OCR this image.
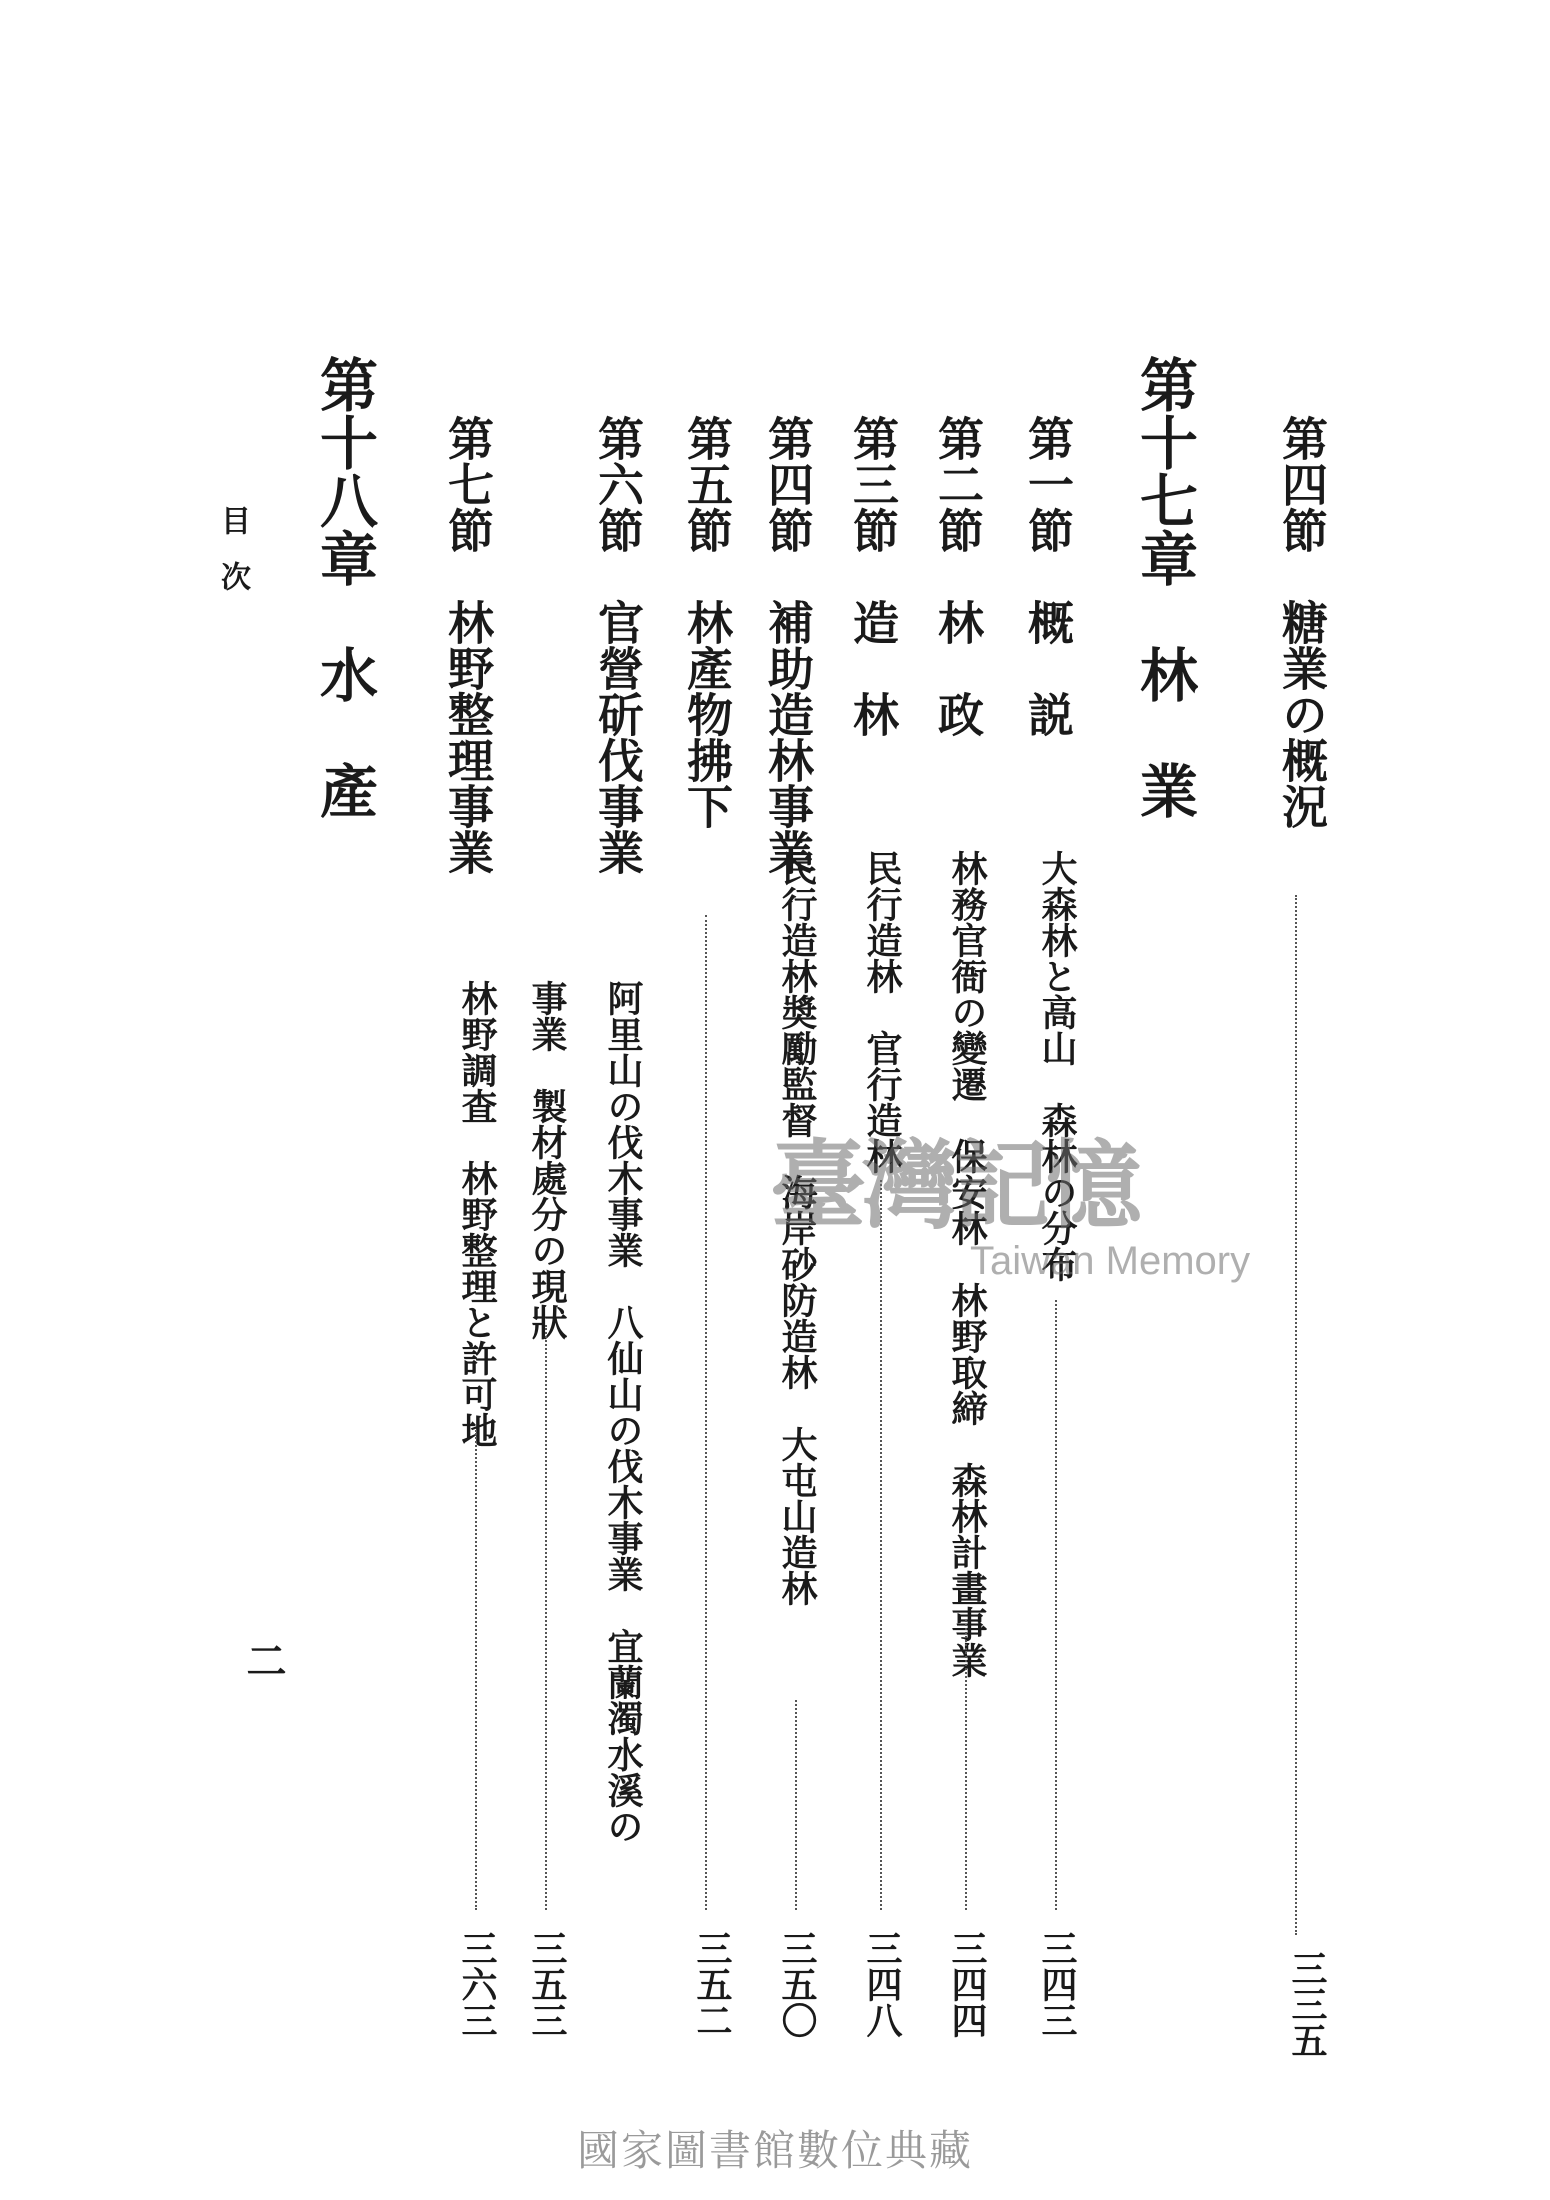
第四節　糖業の概況
三三五
第十七章　林　業
第一節　概　説
大森林と高山　森林の分布
三四三
第二節　林　政
林務官衙の變遷　保安林　林野取締　森林計畫事業
三四四
第三節　造　林
民行造林　官行造林
三四八
第四節　補助造林事業
民行造林奬勵監督　海岸砂防造林　大屯山造林
三五〇
第五節　林產物拂下
三五二
第六節　官營斫伐事業
阿里山の伐木事業　八仙山の伐木事業　宜蘭濁水溪の
事業　製材處分の現狀
三五三
第七節　林野整理事業
林野調査　林野整理と許可地
三六三
第十八章　水　產
目次
二
臺灣記憶
Taiwan Memory
國家圖書館數位典藏
